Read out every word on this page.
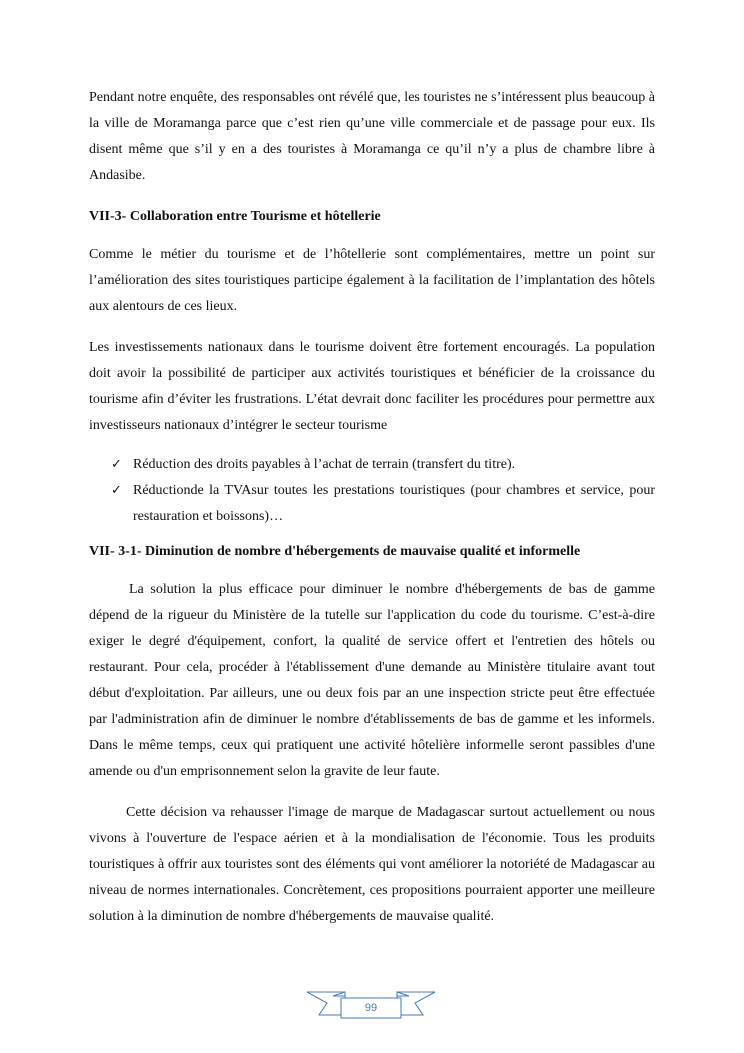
Pendant notre enquête, des responsables ont révélé que, les touristes ne s’intéressent plus beaucoup à la ville de Moramanga parce que c’est rien qu’une ville commerciale et de passage pour eux. Ils disent même que s’il y en a des touristes à Moramanga ce qu’il n’y a plus de chambre libre à Andasibe.

VII-3- Collaboration entre Tourisme et hôtellerie

Comme le métier du tourisme et de l’hôtellerie sont complémentaires, mettre un point sur l’amélioration des sites touristiques participe également à la facilitation de l’implantation des hôtels aux alentours de ces lieux.

Les investissements nationaux dans le tourisme doivent être fortement encouragés. La population doit avoir la possibilité de participer aux activités touristiques et bénéficier de la croissance du tourisme afin d’éviter les frustrations. L’état devrait donc faciliter les procédures pour permettre aux investisseurs nationaux d’intégrer le secteur tourisme

✓ Réduction des droits payables à l’achat de terrain (transfert du titre).
✓ Réductionde la TVAsur toutes les prestations touristiques (pour chambres et service, pour restauration et boissons)…
VII- 3-1- Diminution de nombre d'hébergements de mauvaise qualité et informelle

La solution la plus efficace pour diminuer le nombre d'hébergements de bas de gamme dépend de la rigueur du Ministère de la tutelle sur l'application du code du tourisme. C’est-à-dire exiger le degré d'équipement, confort, la qualité de service offert et l'entretien des hôtels ou restaurant. Pour cela, procéder à l'établissement d'une demande au Ministère titulaire avant tout début d'exploitation. Par ailleurs, une ou deux fois par an une inspection stricte peut être effectuée par l'administration afin de diminuer le nombre d'établissements de bas de gamme et les informels. Dans le même temps, ceux qui pratiquent une activité hôtelière informelle seront passibles d'une amende ou d'un emprisonnement selon la gravite de leur faute.

Cette décision va rehausser l'image de marque de Madagascar surtout actuellement ou nous vivons à l'ouverture de l'espace aérien et à la mondialisation de l'économie. Tous les produits touristiques à offrir aux touristes sont des éléments qui vont améliorer la notoriété de Madagascar au niveau de normes internationales. Concrètement, ces propositions pourraient apporter une meilleure solution à la diminution de nombre d'hébergements de mauvaise qualité.

99
